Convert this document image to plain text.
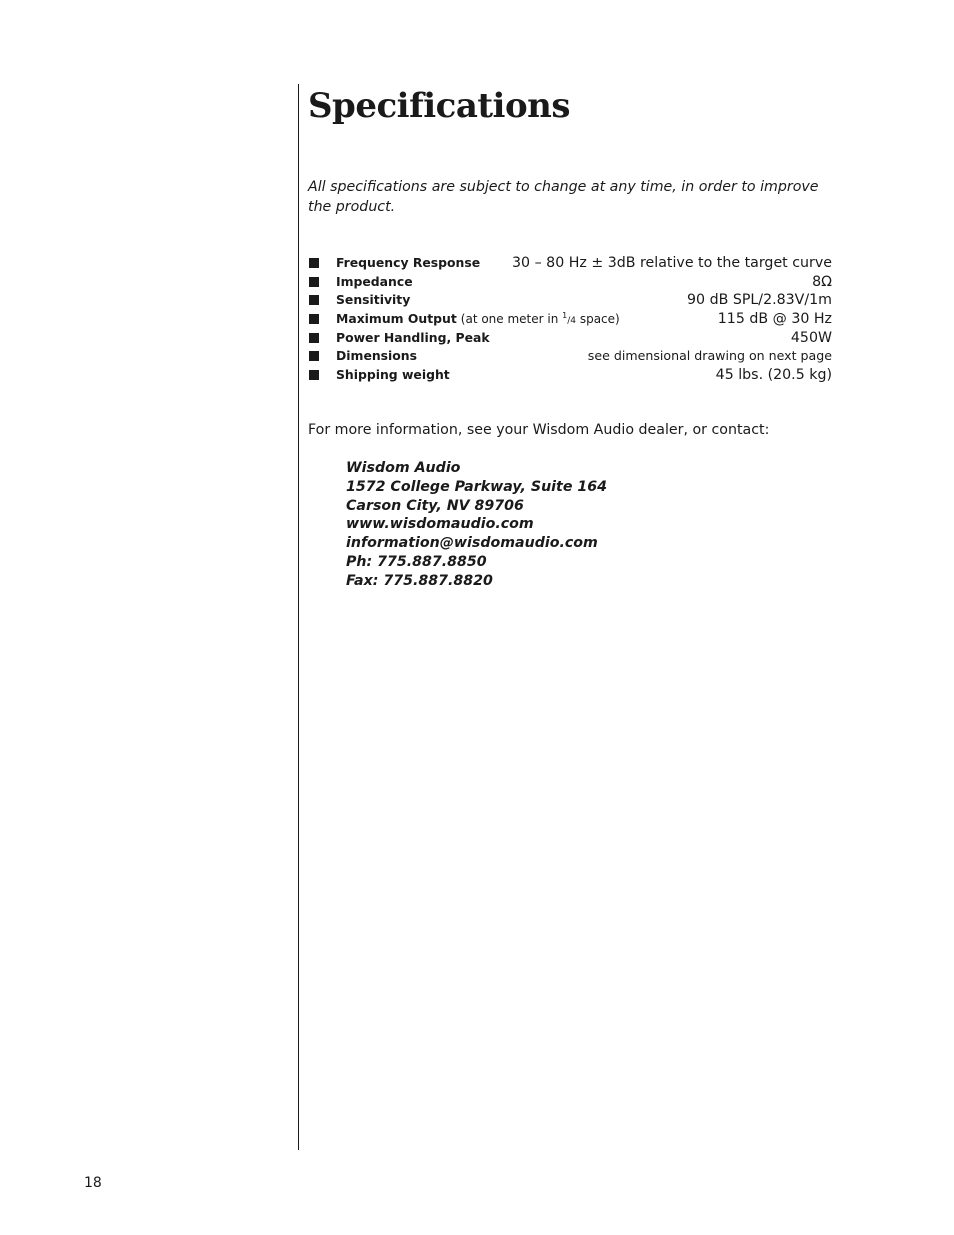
Specifications

All specifications are subject to change at any time, in order to improve the product.

Frequency Response 30 – 80 Hz ± 3dB relative to the target curve
Impedance	8Ω
Sensitivity	90 dB SPL/2.83V/1m
Maximum Output (at one meter in $^1$/4 space)	115 dB @ 30 Hz
Power Handling, Peak	450W
Dimensions	see dimensional drawing on next page
Shipping weight	45 lbs. (20.5 kg)
For more information, see your Wisdom Audio dealer, or contact:
Wisdom Audio
1572 College Parkway, Suite 164
Carson City, NV 89706
www.wisdomaudio.com
information@wisdomaudio.com
Ph: 775.887.8850
Fax: 775.887.8820
18
